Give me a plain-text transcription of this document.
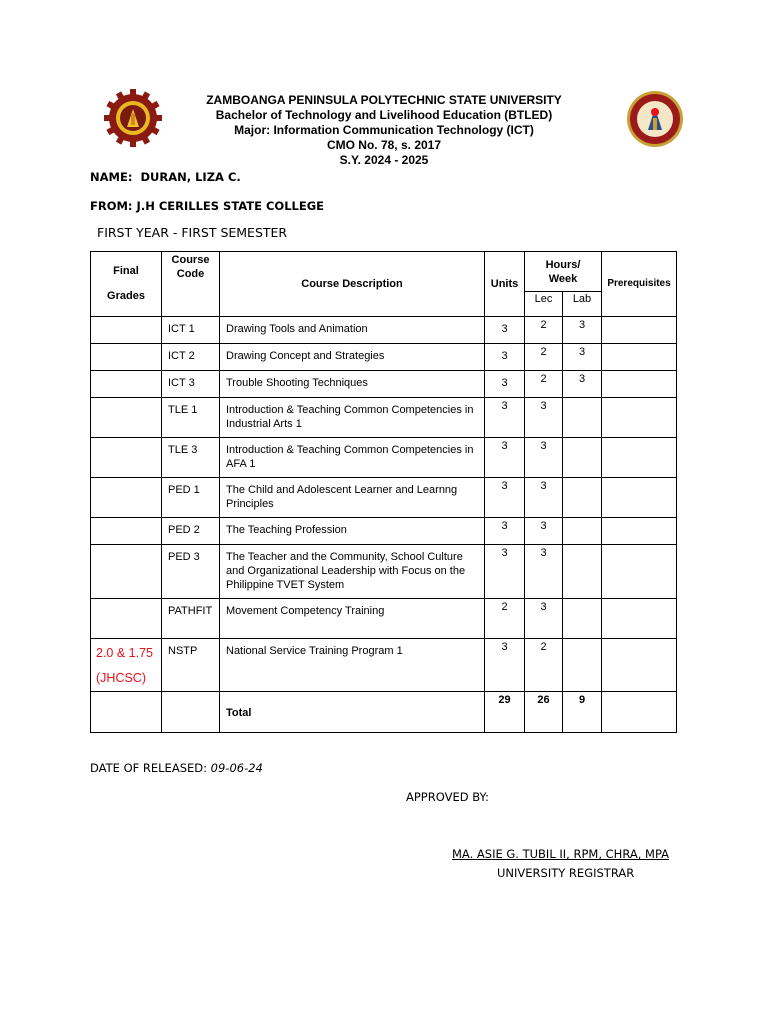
ZAMBOANGA PENINSULA POLYTECHNIC STATE UNIVERSITY
Bachelor of Technology and Livelihood Education (BTLED)
Major: Information Communication Technology (ICT)
CMO No. 78, s. 2017
S.Y. 2024 - 2025
NAME: DURAN, LIZA C.
FROM: J.H CERILLES STATE COLLEGE
FIRST YEAR - FIRST SEMESTER
Final
Grades	Course Code	Course Description	Units	Hours/ Week		Prerequisites
				Lec	Lab	
	ICT 1	Drawing Tools and Animation	3	2	3	
	ICT 2	Drawing Concept and Strategies	3	2	3	
	ICT 3	Trouble Shooting Techniques	3	2	3	
	TLE 1	Introduction & Teaching Common Competencies in Industrial Arts 1	3	3		
	TLE 3	Introduction & Teaching Common Competencies in AFA 1	3	3		
	PED 1	The Child and Adolescent Learner and Learnng Principles	3	3		
	PED 2	The Teaching Profession	3	3		
	PED 3	The Teacher and the Community, School Culture and Organizational Leadership with Focus on the Philippine TVET System	3	3		
	PATHFIT	Movement Competency Training	2	3		
2.0 & 1.75 (JHCSC)	NSTP	National Service Training Program 1	3	2		
		Total	29	26	9	
DATE OF RELEASED: 09-06-24
APPROVED BY:
MA. ASIE G. TUBIL II, RPM, CHRA, MPA
UNIVERSITY REGISTRAR
